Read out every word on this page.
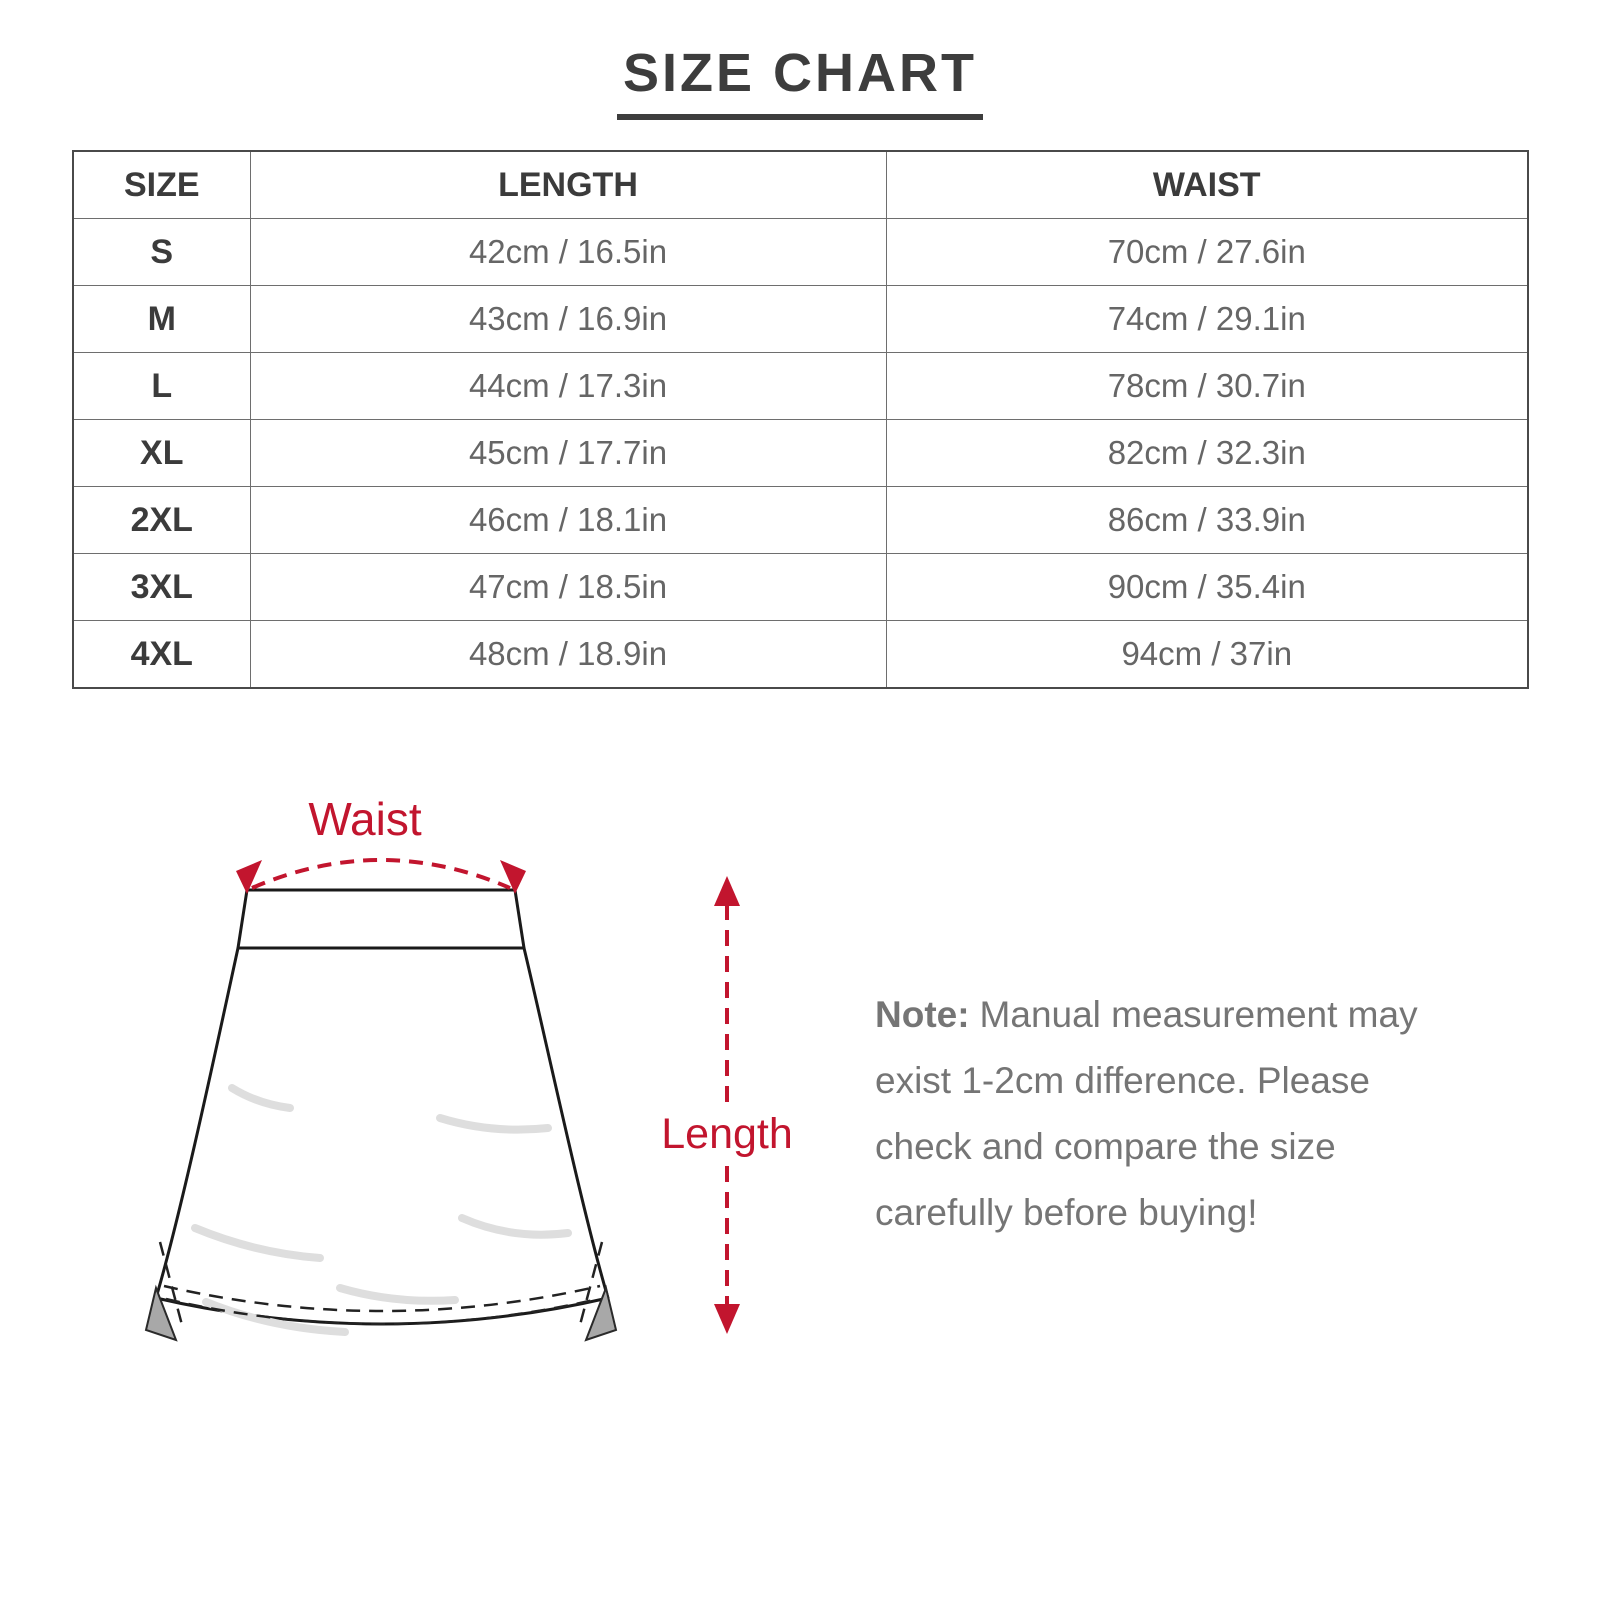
SIZE CHART
SIZE	LENGTH	WAIST
S	42cm / 16.5in	70cm / 27.6in
M	43cm / 16.9in	74cm / 29.1in
L	44cm / 17.3in	78cm / 30.7in
XL	45cm / 17.7in	82cm / 32.3in
2XL	46cm / 18.1in	86cm / 33.9in
3XL	47cm / 18.5in	90cm / 35.4in
4XL	48cm / 18.9in	94cm / 37in
Waist
Length
Note: Manual measurement may exist 1-2cm difference. Please check and compare the size carefully before buying!
